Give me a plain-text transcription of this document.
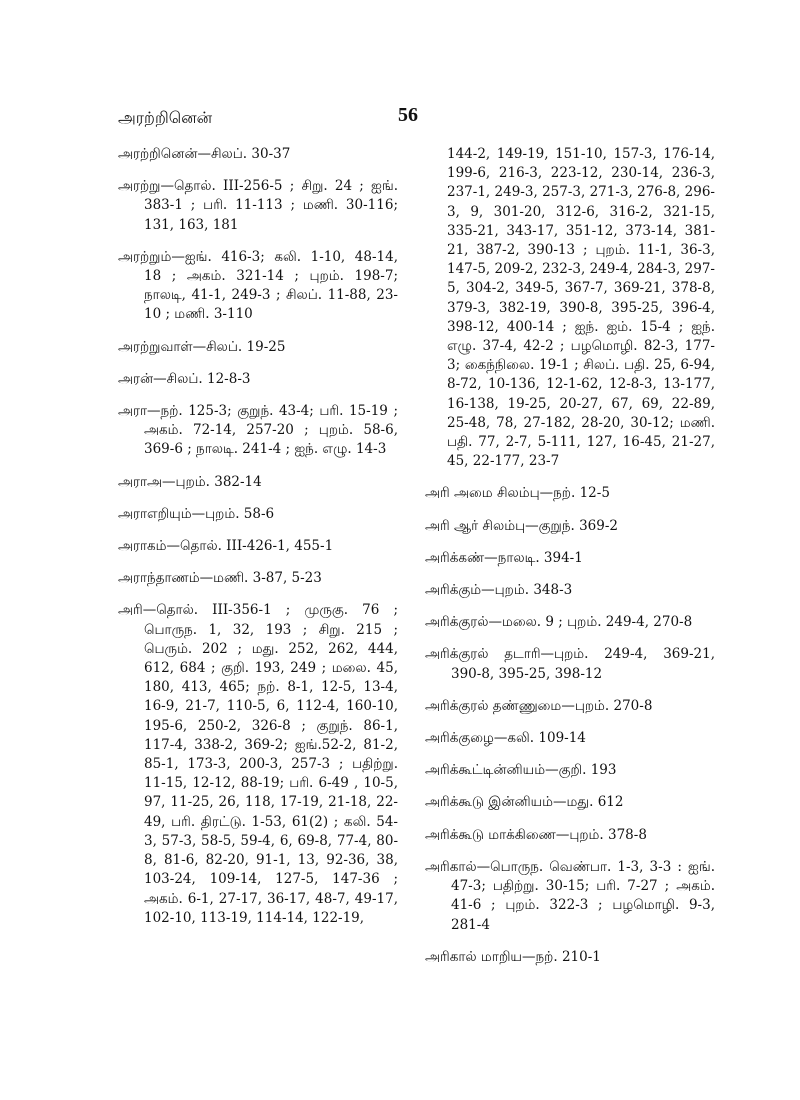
அரற்றினென்	56

அரற்றினென்—சிலப். 30-37

அரற்று—தொல். III-256-5 ; சிறு. 24 ; ஐங். 383-1 ; பரி. 11-113 ; மணி. 30-116; 131, 163, 181

அரற்றும்—ஐங். 416-3; கலி. 1-10, 48-14, 18 ; அகம். 321-14 ; புறம். 198-7; நாலடி, 41-1, 249-3 ; சிலப். 11-88, 23-10 ; மணி. 3-110

அரற்றுவாள்—சிலப். 19-25

அரன்—சிலப். 12-8-3

அரா—நற். 125-3; குறுந். 43-4; பரி. 15-19 ; அகம். 72-14, 257-20 ; புறம். 58-6, 369-6 ; நாலடி. 241-4 ; ஐந். எழு. 14-3

அராஅ—புறம். 382-14

அராஎறியும்—புறம். 58-6

அராகம்—தொல். III-426-1, 455-1

அராந்தாணம்—மணி. 3-87, 5-23

அரி—தொல். III-356-1 ; முருகு. 76 ; பொருந. 1, 32, 193 ; சிறு. 215 ; பெரும். 202 ; மது. 252, 262, 444, 612, 684 ; குறி. 193, 249 ; மலை. 45, 180, 413, 465; நற். 8-1, 12-5, 13-4, 16-9, 21-7, 110-5, 6, 112-4, 160-10, 195-6, 250-2, 326-8 ; குறுந். 86-1, 117-4, 338-2, 369-2; ஐங்.52-2, 81-2, 85-1, 173-3, 200-3, 257-3 ; பதிற்று. 11-15, 12-12, 88-19; பரி. 6-49 , 10-5, 97, 11-25, 26, 118, 17-19, 21-18, 22-49, பரி. திரட்டு. 1-53, 61(2) ; கலி. 54-3, 57-3, 58-5, 59-4, 6, 69-8, 77-4, 80-8, 81-6, 82-20, 91-1, 13, 92-36, 38, 103-24, 109-14, 127-5, 147-36 ; அகம். 6-1, 27-17, 36-17, 48-7, 49-17, 102-10, 113-19, 114-14, 122-19,

144-2, 149-19, 151-10, 157-3, 176-14, 199-6, 216-3, 223-12, 230-14, 236-3, 237-1, 249-3, 257-3, 271-3, 276-8, 296-3, 9, 301-20, 312-6, 316-2, 321-15, 335-21, 343-17, 351-12, 373-14, 381-21, 387-2, 390-13 ; புறம். 11-1, 36-3, 147-5, 209-2, 232-3, 249-4, 284-3, 297-5, 304-2, 349-5, 367-7, 369-21, 378-8, 379-3, 382-19, 390-8, 395-25, 396-4, 398-12, 400-14 ; ஐந். ஐம். 15-4 ; ஐந். எழு. 37-4, 42-2 ; பழமொழி. 82-3, 177-3; கைந்நிலை. 19-1 ; சிலப். பதி. 25, 6-94, 8-72, 10-136, 12-1-62, 12-8-3, 13-177, 16-138, 19-25, 20-27, 67, 69, 22-89, 25-48, 78, 27-182, 28-20, 30-12; மணி. பதி. 77, 2-7, 5-111, 127, 16-45, 21-27, 45, 22-177, 23-7

அரி அமை சிலம்பு—நற். 12-5

அரி ஆர் சிலம்பு—குறுந். 369-2

அரிக்கண்—நாலடி. 394-1

அரிக்கும்—புறம். 348-3

அரிக்குரல்—மலை. 9 ; புறம். 249-4, 270-8

அரிக்குரல் தடாரி—புறம். 249-4, 369-21, 390-8, 395-25, 398-12

அரிக்குரல் தண்ணுமை—புறம். 270-8

அரிக்குழை—கலி. 109-14

அரிக்கூட்டின்னியம்—குறி. 193

அரிக்கூடு இன்னியம்—மது. 612

அரிக்கூடு மாக்கிணை—புறம். 378-8

அரிகால்—பொருந. வெண்பா. 1-3, 3-3 : ஐங். 47-3; பதிற்று. 30-15; பரி. 7-27 ; அகம். 41-6 ; புறம். 322-3 ; பழமொழி. 9-3, 281-4

அரிகால் மாறிய—நற். 210-1
